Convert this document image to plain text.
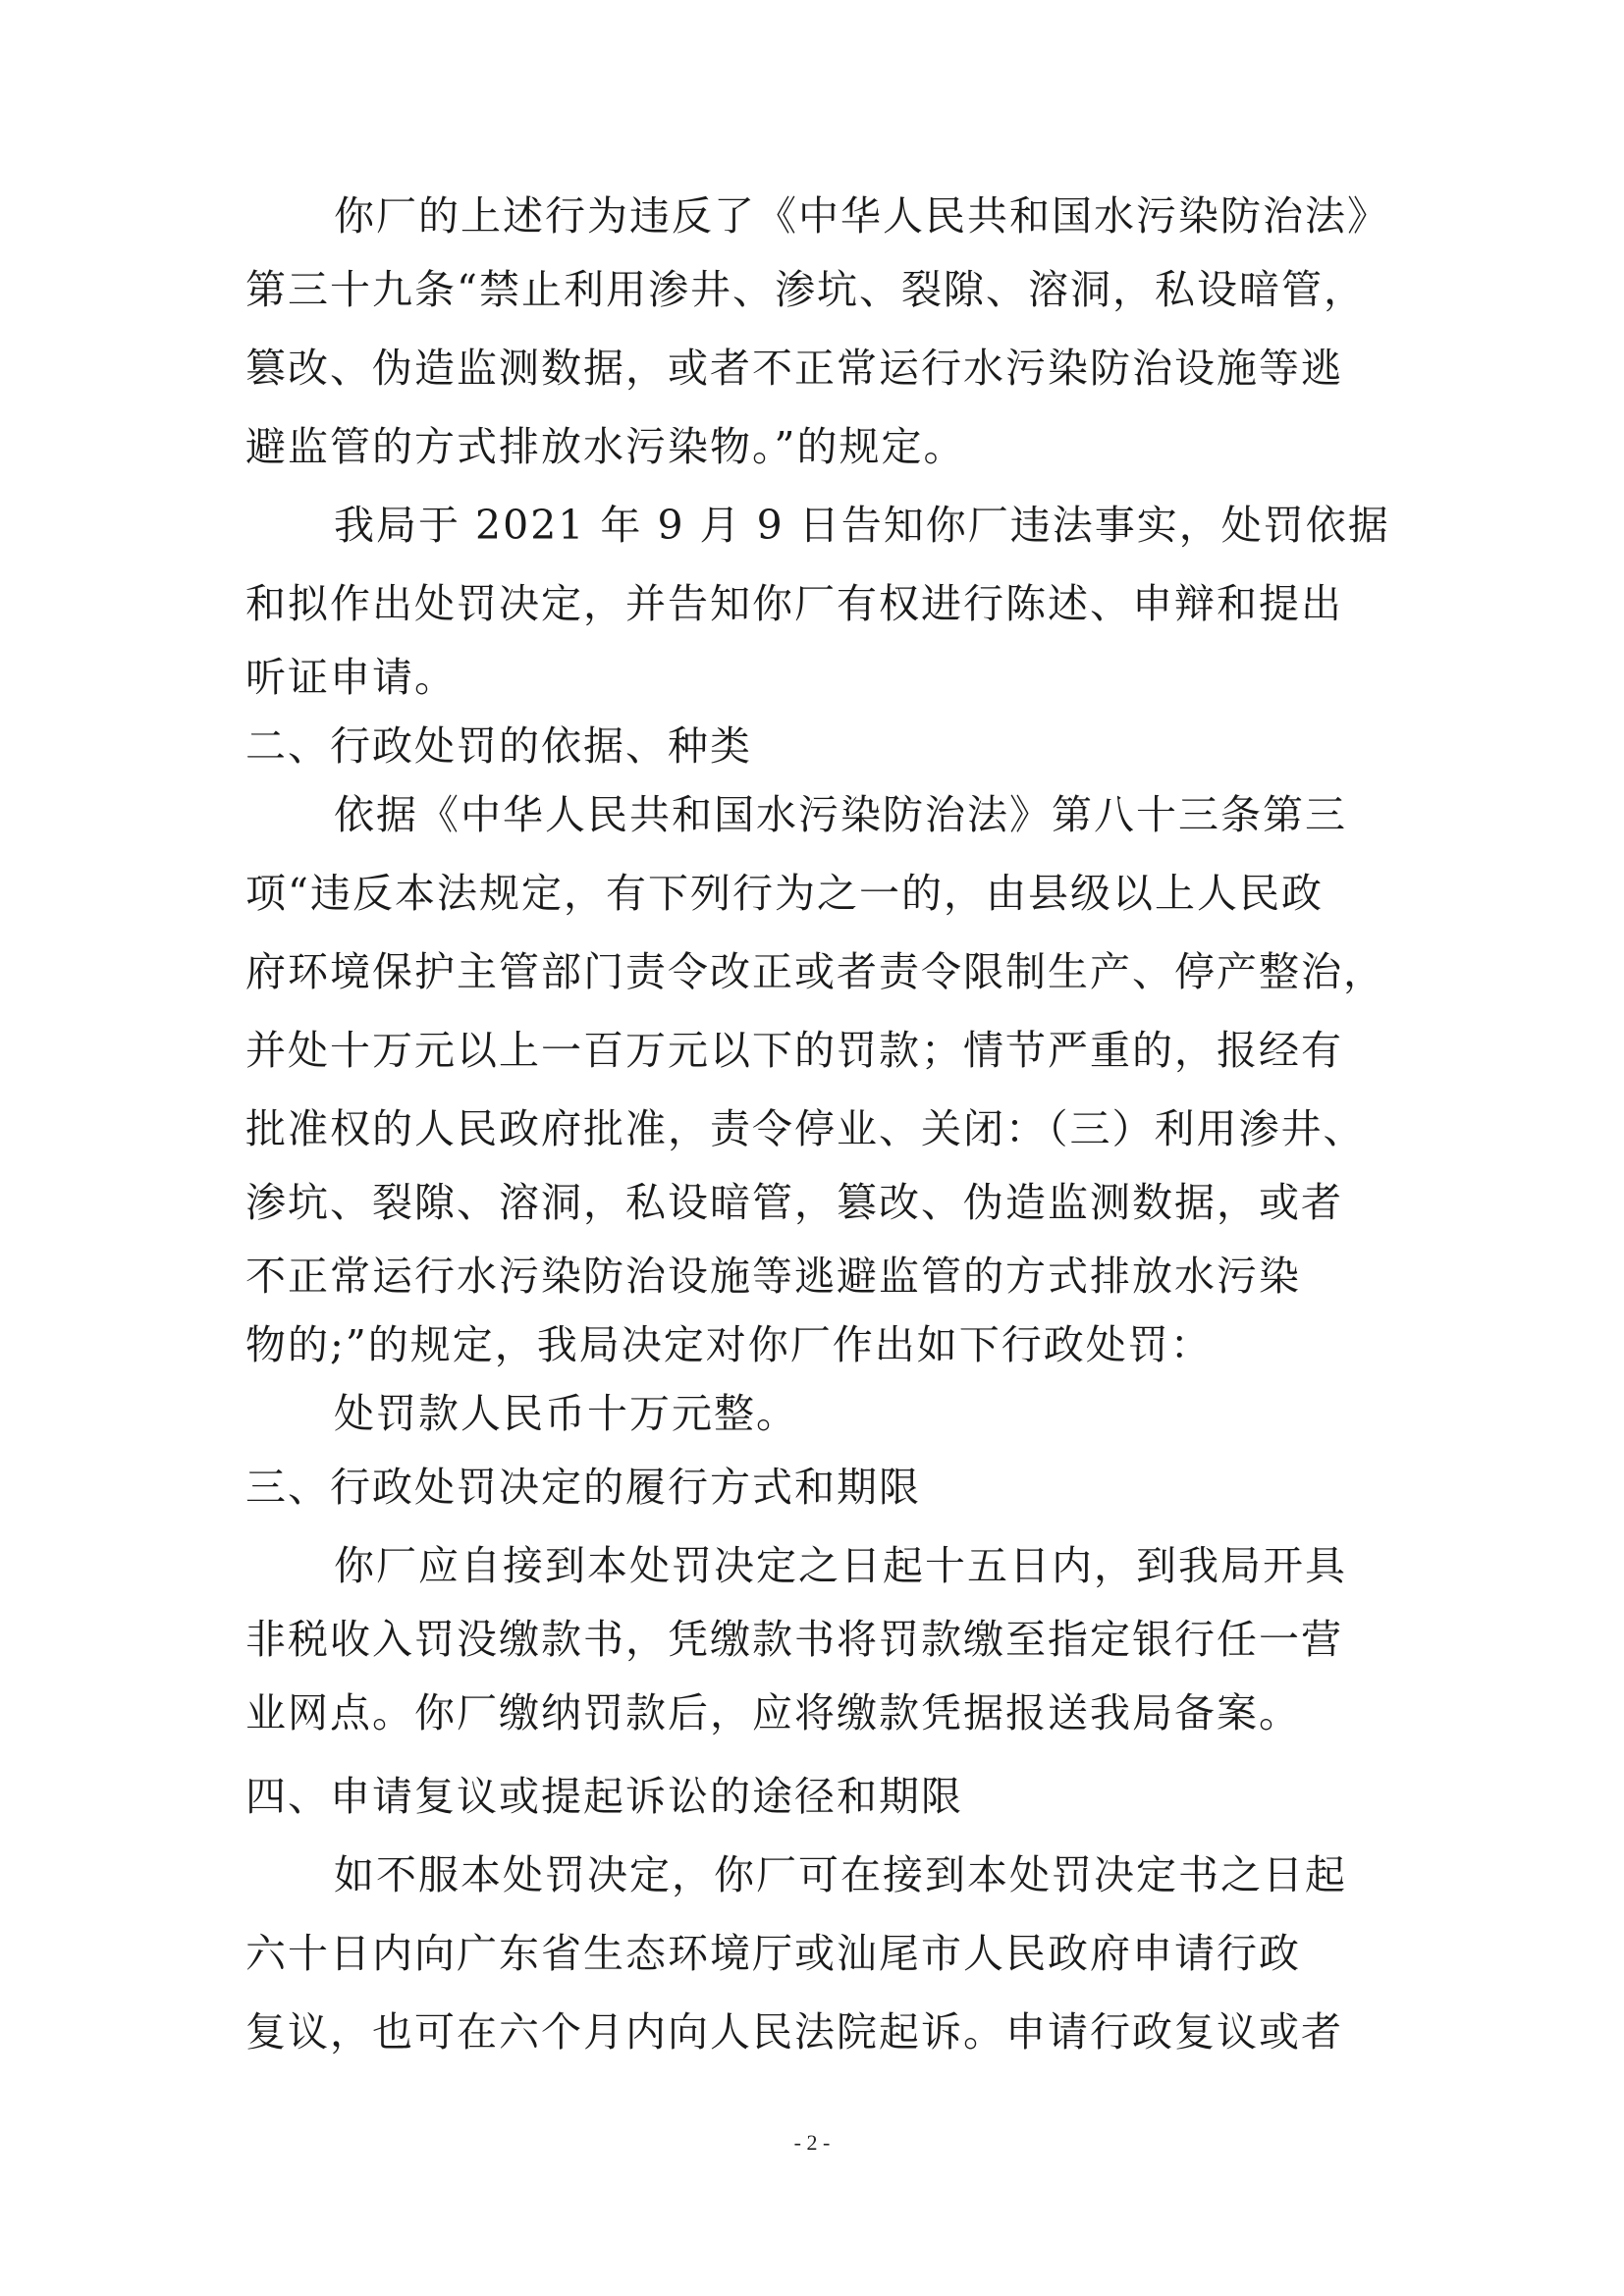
你厂的上述行为违反了《中华人民共和国水污染防治法》
第三十九条“禁止利用渗井、渗坑、裂隙、溶洞，私设暗管，
篡改、伪造监测数据，或者不正常运行水污染防治设施等逃
避监管的方式排放水污染物。”的规定。
我局于 2021 年 9 月 9 日告知你厂违法事实，处罚依据
和拟作出处罚决定，并告知你厂有权进行陈述、申辩和提出
听证申请。
二、行政处罚的依据、种类
依据《中华人民共和国水污染防治法》第八十三条第三
项“违反本法规定，有下列行为之一的，由县级以上人民政
府环境保护主管部门责令改正或者责令限制生产、停产整治，
并处十万元以上一百万元以下的罚款；情节严重的，报经有
批准权的人民政府批准，责令停业、关闭：（三）利用渗井、
渗坑、裂隙、溶洞，私设暗管，篡改、伪造监测数据，或者
不正常运行水污染防治设施等逃避监管的方式排放水污染
物的;”的规定，我局决定对你厂作出如下行政处罚：
处罚款人民币十万元整。
三、行政处罚决定的履行方式和期限
你厂应自接到本处罚决定之日起十五日内，到我局开具
非税收入罚没缴款书，凭缴款书将罚款缴至指定银行任一营
业网点。你厂缴纳罚款后，应将缴款凭据报送我局备案。
四、申请复议或提起诉讼的途径和期限
如不服本处罚决定，你厂可在接到本处罚决定书之日起
六十日内向广东省生态环境厅或汕尾市人民政府申请行政
复议，也可在六个月内向人民法院起诉。申请行政复议或者
- 2 -
